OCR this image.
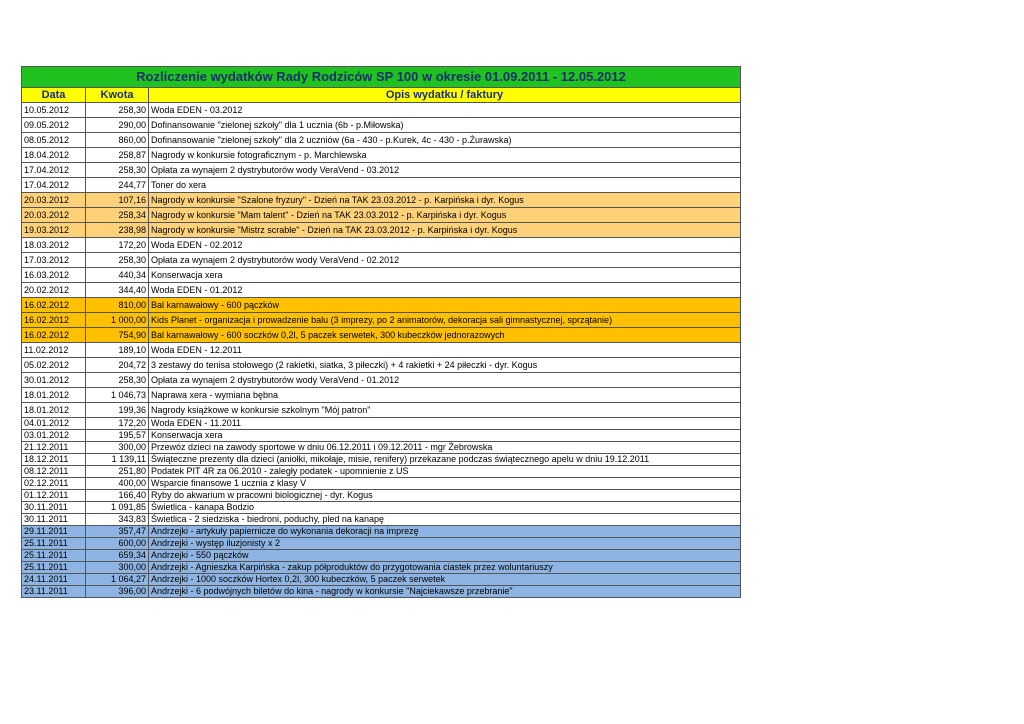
Rozliczenie wydatków Rady Rodziców SP 100 w okresie 01.09.2011 - 12.05.2012		
Data	Kwota	Opis wydatku / faktury
10.05.2012	258,30	Woda EDEN - 03.2012
09.05.2012	290,00	Dofinansowanie "zielonej szkoły" dla 1 ucznia (6b - p.Miłowska)
08.05.2012	860,00	Dofinansowanie "zielonej szkoły" dla 2 uczniów (6a - 430 - p.Kurek, 4c - 430 - p.Żurawska)
18.04.2012	258,87	Nagrody w konkursie fotograficznym - p. Marchlewska
17.04.2012	258,30	Opłata za wynajem 2 dystrybutorów wody VeraVend - 03.2012
17.04.2012	244,77	Toner do xera
20.03.2012	107,16	Nagrody w konkursie "Szalone fryzury" - Dzień na TAK 23.03.2012 - p. Karpińska i dyr. Kogus
20.03.2012	258,34	Nagrody w konkursie "Mam talent" - Dzień na TAK 23.03.2012 - p. Karpińska i dyr. Kogus
19.03.2012	238,98	Nagrody w konkursie "Mistrz scrable" - Dzień na TAK 23.03.2012 - p. Karpińska i dyr. Kogus
18.03.2012	172,20	Woda EDEN - 02.2012
17.03.2012	258,30	Opłata za wynajem 2 dystrybutorów wody VeraVend - 02.2012
16.03.2012	440,34	Konserwacja xera
20.02.2012	344,40	Woda EDEN - 01.2012
16.02.2012	810,00	Bal karnawałowy - 600 pączków
16.02.2012	1 000,00	Kids Planet - organizacja i prowadzenie balu (3 imprezy, po 2 animatorów, dekoracja sali gimnastycznej, sprzątanie)
16.02.2012	754,90	Bal karnawałowy - 600 soczków 0,2l, 5 paczek serwetek, 300 kubeczków jednorazowych
11.02.2012	189,10	Woda EDEN - 12.2011
05.02.2012	204,72	3 zestawy do tenisa stołowego (2 rakietki, siatka, 3 piłeczki) + 4 rakietki + 24 piłeczki - dyr. Kogus
30.01.2012	258,30	Opłata za wynajem 2 dystrybutorów wody VeraVend - 01.2012
18.01.2012	1 046,73	Naprawa xera - wymiana bębna
18.01.2012	199,36	Nagrody książkowe w konkursie szkolnym "Mój patron"
04.01.2012	172,20	Woda EDEN - 11.2011
03.01.2012	195,57	Konserwacja xera
21.12.2011	300,00	Przewóz dzieci na zawody sportowe w dniu 06.12.2011 i 09.12.2011 - mgr Żebrowska
18.12.2011	1 139,11	Świąteczne prezenty dla dzieci (aniołki, mikołaje, misie, renifery) przekazane podczas świątecznego apelu w dniu 19.12.2011
08.12.2011	251,80	Podatek PIT 4R za 06.2010 - zaległy podatek - upomnienie z US
02.12.2011	400,00	Wsparcie finansowe 1 ucznia z klasy V
01.12.2011	166,40	Ryby do akwarium w pracowni biologicznej - dyr. Kogus
30.11.2011	1 091,85	Świetlica - kanapa Bodzio
30.11.2011	343,83	Świetlica - 2 siedziska - biedroni, poduchy, pled na kanapę
29.11.2011	357,47	Andrzejki - artykuły papiernicze do wykonania dekoracji na imprezę
25.11.2011	600,00	Andrzejki - występ iluzjonisty x 2
25.11.2011	659,34	Andrzejki - 550 pączków
25.11.2011	300,00	Andrzejki - Agnieszka Karpińska - zakup półproduktów do przygotowania ciastek przez woluntariuszy
24.11.2011	1 064,27	Andrzejki - 1000 soczków Hortex 0,2l, 300 kubeczków, 5 paczek serwetek
23.11.2011	396,00	Andrzejki - 6 podwójnych biletów do kina - nagrody w konkursie "Najciekawsze przebranie"
